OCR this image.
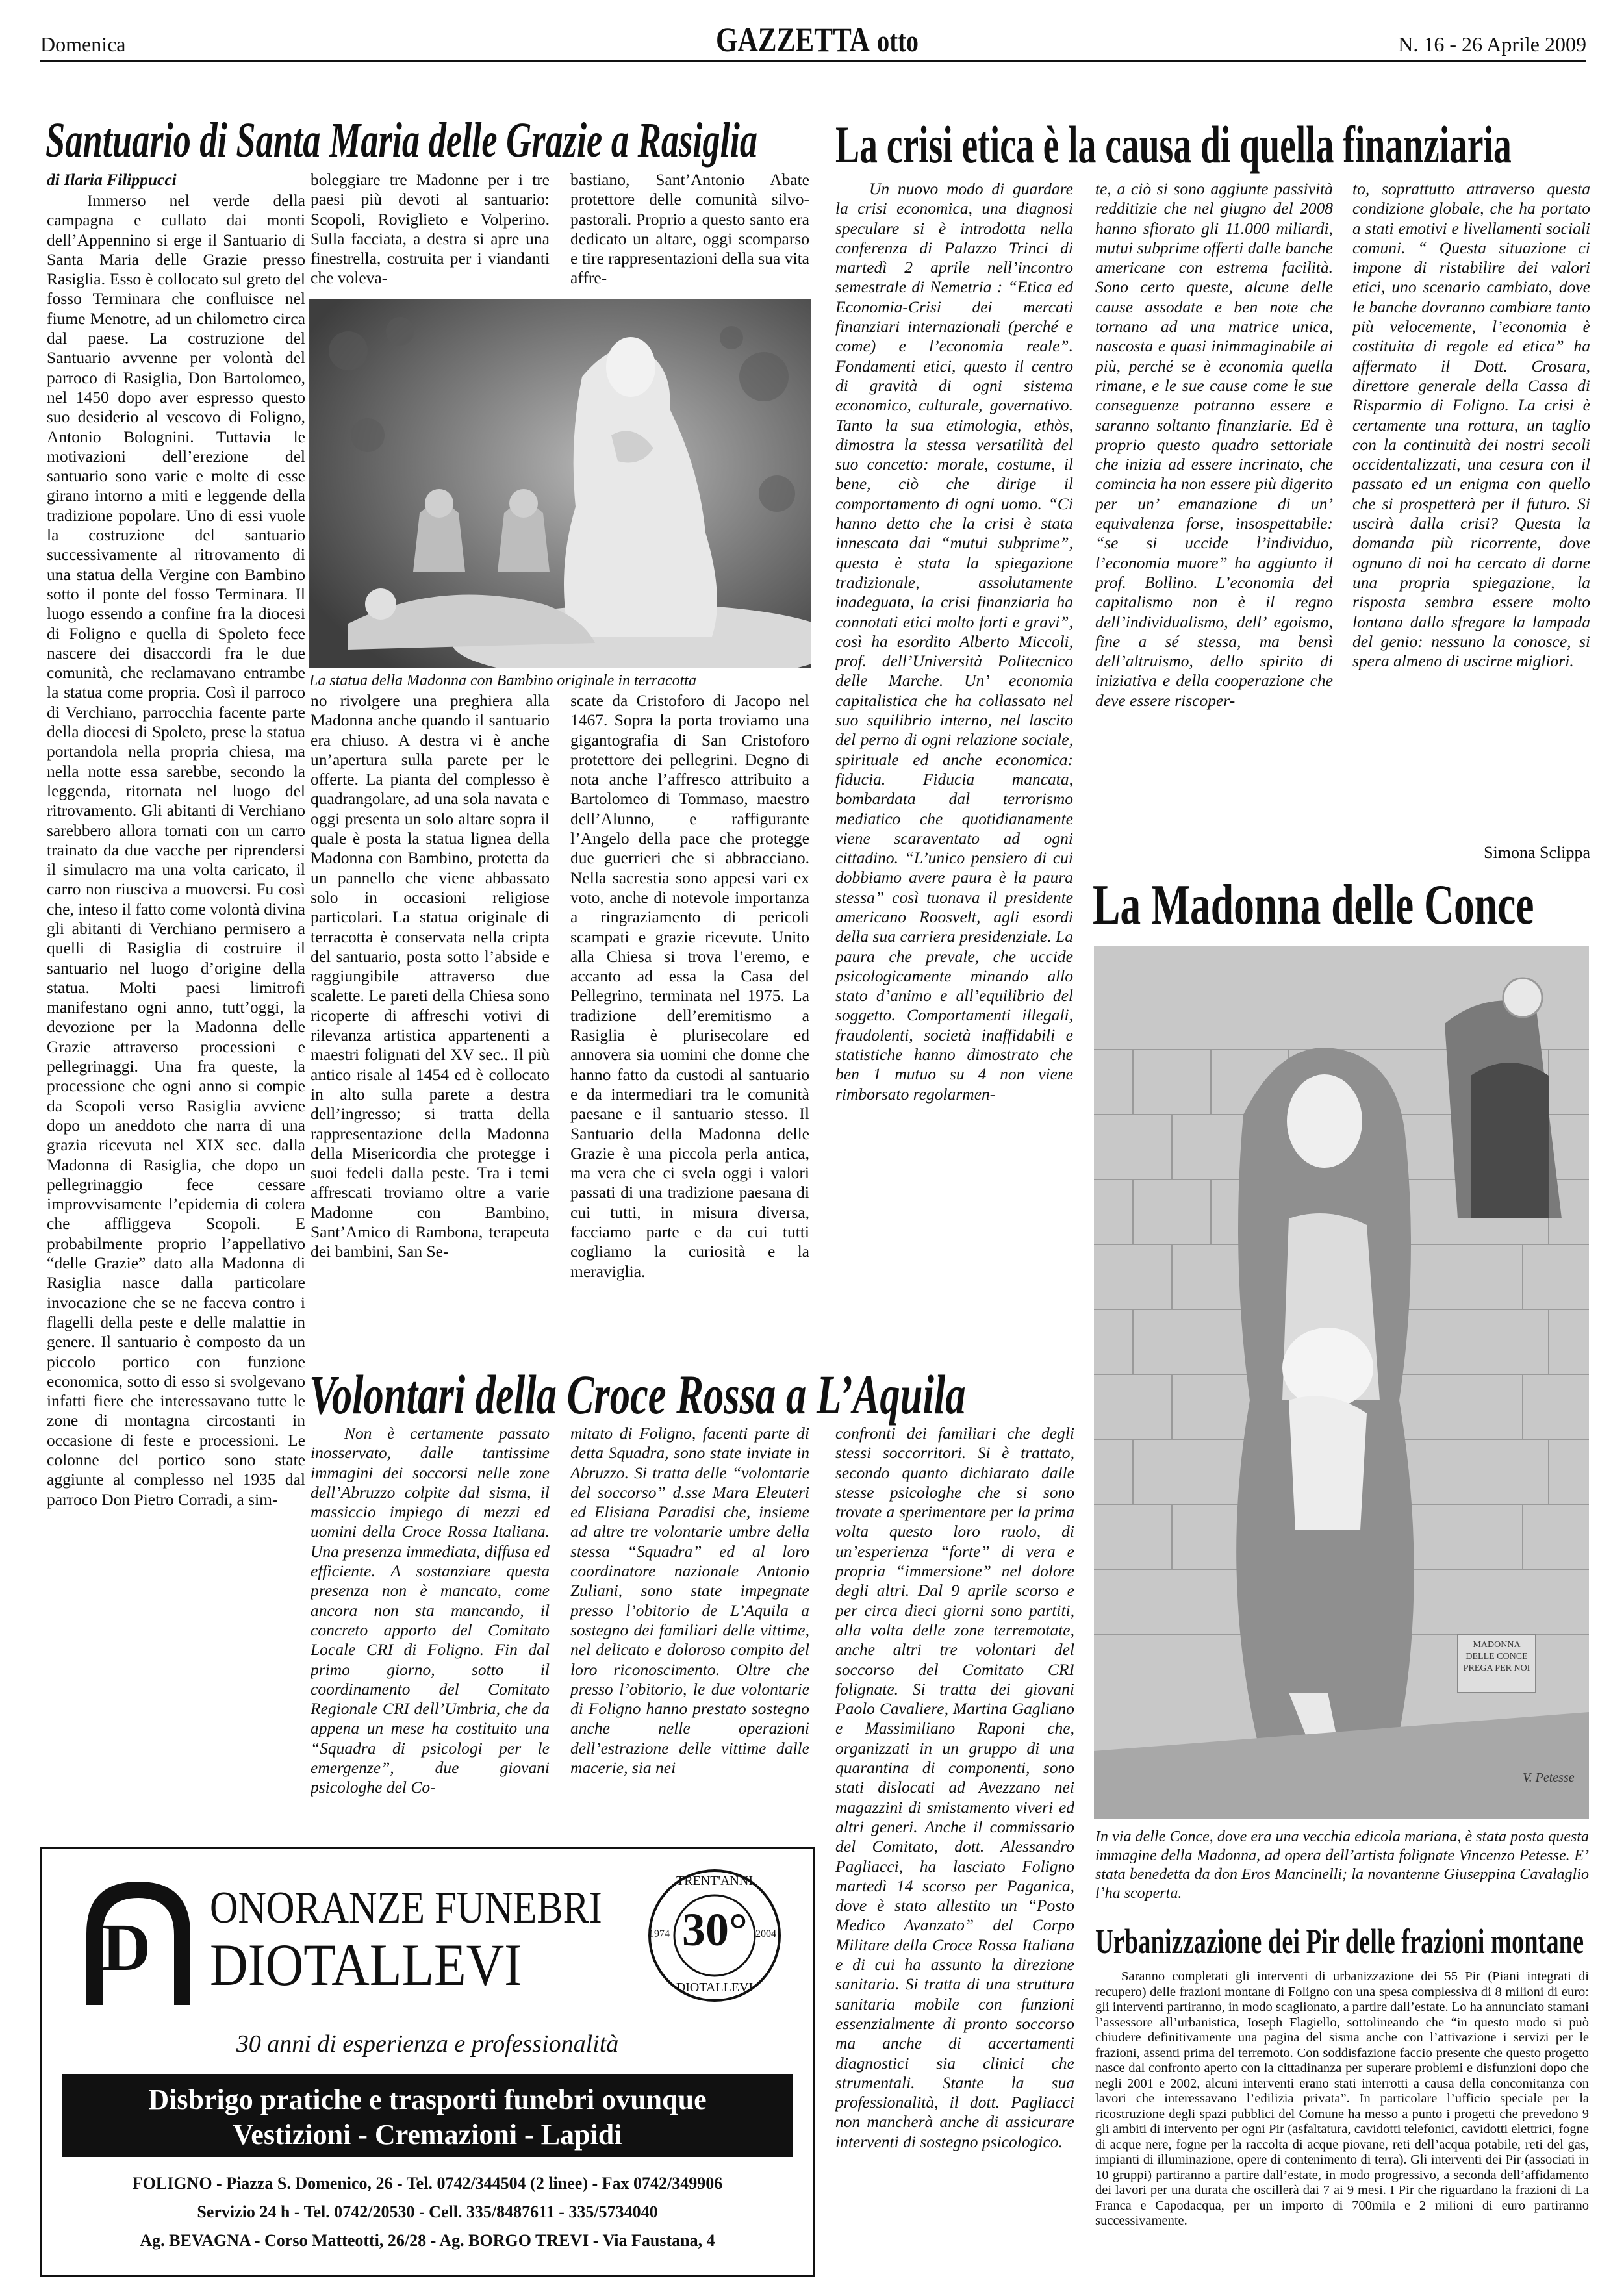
Domenica	GAZZETTA otto	N. 16 - 26 Aprile 2009
Santuario di Santa Maria delle Grazie a Rasiglia
di Ilaria Filippucci
Immerso nel verde della campagna e cullato dai monti dell’Appennino si erge il Santuario di Santa Maria delle Grazie presso Rasiglia. Esso è collocato sul greto del fosso Terminara che confluisce nel fiume Menotre, ad un chilometro circa dal paese. La costruzione del Santuario avvenne per volontà del parroco di Rasiglia, Don Bartolomeo, nel 1450 dopo aver espresso questo suo desiderio al vescovo di Foligno, Antonio Bolognini. Tuttavia le motivazioni dell’erezione del santuario sono varie e molte di esse girano intorno a miti e leggende della tradizione popolare. Uno di essi vuole la costruzione del santuario successivamente al ritrovamento di una statua della Vergine con Bambino sotto il ponte del fosso Terminara. Il luogo essendo a confine fra la diocesi di Foligno e quella di Spoleto fece nascere dei disaccordi fra le due comunità, che reclamavano entrambe la statua come propria. Così il parroco di Verchiano, parrocchia facente parte della diocesi di Spoleto, prese la statua portandola nella propria chiesa, ma nella notte essa sarebbe, secondo la leggenda, ritornata nel luogo del ritrovamento. Gli abitanti di Verchiano sarebbero allora tornati con un carro trainato da due vacche per riprendersi il simulacro ma una volta caricato, il carro non riusciva a muoversi. Fu così che, inteso il fatto come volontà divina gli abitanti di Verchiano permisero a quelli di Rasiglia di costruire il santuario nel luogo d’origine della statua. Molti paesi limitrofi manifestano ogni anno, tutt’oggi, la devozione per la Madonna delle Grazie attraverso processioni e pellegrinaggi. Una fra queste, la processione che ogni anno si compie da Scopoli verso Rasiglia avviene dopo un aneddoto che narra di una grazia ricevuta nel XIX sec. dalla Madonna di Rasiglia, che dopo un pellegrinaggio fece cessare improvvisamente l’epidemia di colera che affliggeva Scopoli. E probabilmente proprio l’appellativo “delle Grazie” dato alla Madonna di Rasiglia nasce dalla particolare invocazione che se ne faceva contro i flagelli della peste e delle malattie in genere. Il santuario è composto da un piccolo portico con funzione economica, sotto di esso si svolgevano infatti fiere che interessavano tutte le zone di montagna circostanti in occasione di feste e processioni. Le colonne del portico sono state aggiunte al complesso nel 1935 dal parroco Don Pietro Corradi, a sim-
boleggiare tre Madonne per i tre paesi più devoti al santuario: Scopoli, Roviglieto e Volperino. Sulla facciata, a destra si apre una finestrella, costruita per i viandanti che voleva-
bastiano, Sant’Antonio Abate protettore delle comunità silvo-pastorali. Proprio a questo santo era dedicato un altare, oggi scomparso e tire rappresentazioni della sua vita affre-
La statua della Madonna con Bambino originale in terracotta
no rivolgere una preghiera alla Madonna anche quando il santuario era chiuso. A destra vi è anche un’apertura sulla parete per le offerte. La pianta del complesso è quadrangolare, ad una sola navata e oggi presenta un solo altare sopra il quale è posta la statua lignea della Madonna con Bambino, protetta da un pannello che viene abbassato solo in occasioni religiose particolari. La statua originale di terracotta è conservata nella cripta del santuario, posta sotto l’abside e raggiungibile attraverso due scalette. Le pareti della Chiesa sono ricoperte di affreschi votivi di rilevanza artistica appartenenti a maestri folignati del XV sec.. Il più antico risale al 1454 ed è collocato in alto sulla parete a destra dell’ingresso; si tratta della rappresentazione della Madonna della Misericordia che protegge i suoi fedeli dalla peste. Tra i temi affrescati troviamo oltre a varie Madonne con Bambino, Sant’Amico di Rambona, terapeuta dei bambini, San Se-
scate da Cristoforo di Jacopo nel 1467. Sopra la porta troviamo una gigantografia di San Cristoforo protettore dei pellegrini. Degno di nota anche l’affresco attribuito a Bartolomeo di Tommaso, maestro dell’Alunno, e raffigurante l’Angelo della pace che protegge due guerrieri che si abbracciano. Nella sacrestia sono appesi vari ex voto, anche di notevole importanza a ringraziamento di pericoli scampati e grazie ricevute. Unito alla Chiesa si trova l’eremo, e accanto ad essa la Casa del Pellegrino, terminata nel 1975. La tradizione dell’eremitismo a Rasiglia è plurisecolare ed annovera sia uomini che donne che hanno fatto da custodi al santuario e da intermediari tra le comunità paesane e il santuario stesso. Il Santuario della Madonna delle Grazie è una piccola perla antica, ma vera che ci svela oggi i valori passati di una tradizione paesana di cui tutti, in misura diversa, facciamo parte e da cui tutti cogliamo la curiosità e la meraviglia.
La crisi etica è la causa di quella finanziaria
Un nuovo modo di guardare la crisi economica, una diagnosi speculare si è introdotta nella conferenza di Palazzo Trinci di martedì 2 aprile nell’incontro semestrale di Nemetria : “Etica ed Economia-Crisi dei mercati finanziari internazionali (perché e come) e l’economia reale”. Fondamenti etici, questo il centro di gravità di ogni sistema economico, culturale, governativo. Tanto la sua etimologia, ethòs, dimostra la stessa versatilità del suo concetto: morale, costume, il bene, ciò che dirige il comportamento di ogni uomo. “Ci hanno detto che la crisi è stata innescata dai “mutui subprime”, questa è stata la spiegazione tradizionale, assolutamente inadeguata, la crisi finanziaria ha connotati etici molto forti e gravi”, così ha esordito Alberto Miccoli, prof. dell’Università Politecnico delle Marche. Un’ economia capitalistica che ha collassato nel suo squilibrio interno, nel lascito del perno di ogni relazione sociale, spirituale ed anche economica: fiducia. Fiducia mancata, bombardata dal terrorismo mediatico che quotidianamente viene scaraventato ad ogni cittadino. “L’unico pensiero di cui dobbiamo avere paura è la paura stessa” così tuonava il presidente americano Roosvelt, agli esordi della sua carriera presidenziale. La paura che prevale, che uccide psicologicamente minando allo stato d’animo e all’equilibrio del soggetto. Comportamenti illegali, fraudolenti, società inaffidabili e statistiche hanno dimostrato che ben 1 mutuo su 4 non viene rimborsato regolarmen-
te, a ciò si sono aggiunte passività redditizie che nel giugno del 2008 hanno sfiorato gli 11.000 miliardi, mutui subprime offerti dalle banche americane con estrema facilità. Sono certo queste, alcune delle cause assodate e ben note che tornano ad una matrice unica, nascosta e quasi inimmaginabile ai più, perché se è economia quella rimane, e le sue cause come le sue conseguenze potranno essere e saranno soltanto finanziarie. Ed è proprio questo quadro settoriale che inizia ad essere incrinato, che comincia ha non essere più digerito per un’ emanazione di un’ equivalenza forse, insospettabile: “se si uccide l’individuo, l’economia muore” ha aggiunto il prof. Bollino. L’economia del capitalismo non è il regno dell’individualismo, dell’ egoismo, fine a sé stessa, ma bensì dell’altruismo, dello spirito di iniziativa e della cooperazione che deve essere riscoper-
to, soprattutto attraverso questa condizione globale, che ha portato a stati emotivi e livellamenti sociali comuni. “ Questa situazione ci impone di ristabilire dei valori etici, uno scenario cambiato, dove le banche dovranno cambiare tanto più velocemente, l’economia è costituita di regole ed etica” ha affermato il Dott. Crosara, direttore generale della Cassa di Risparmio di Foligno. La crisi è certamente una rottura, un taglio con la continuità dei nostri secoli occidentalizzati, una cesura con il passato ed un enigma con quello che si prospetterà per il futuro. Si uscirà dalla crisi? Questa la domanda più ricorrente, dove ognuno di noi ha cercato di darne una propria spiegazione, la risposta sembra essere molto lontana dallo sfregare la lampada del genio: nessuno la conosce, si spera almeno di uscirne migliori.
Simona Sclippa
La Madonna delle Conce
MADONNA DELLE CONCE PREGA PER NOI
V. Petesse
In via delle Conce, dove era una vecchia edicola mariana, è stata posta questa immagine della Madonna, ad opera dell’artista folignate Vincenzo Petesse. E’ stata benedetta da don Eros Mancinelli; la novantenne Giuseppina Cavalaglio l’ha scoperta.
Volontari della Croce Rossa a L’Aquila
Non è certamente passato inosservato, dalle tantissime immagini dei soccorsi nelle zone dell’Abruzzo colpite dal sisma, il massiccio impiego di mezzi ed uomini della Croce Rossa Italiana. Una presenza immediata, diffusa ed efficiente. A sostanziare questa presenza non è mancato, come ancora non sta mancando, il concreto apporto del Comitato Locale CRI di Foligno. Fin dal primo giorno, sotto il coordinamento del Comitato Regionale CRI dell’Umbria, che da appena un mese ha costituito una “Squadra di psicologi per le emergenze”, due giovani psicologhe del Co-
mitato di Foligno, facenti parte di detta Squadra, sono state inviate in Abruzzo. Si tratta delle “volontarie del soccorso” d.sse Mara Eleuteri ed Elisiana Paradisi che, insieme ad altre tre volontarie umbre della stessa “Squadra” ed al loro coordinatore nazionale Antonio Zuliani, sono state impegnate presso l’obitorio de L’Aquila a sostegno dei familiari delle vittime, nel delicato e doloroso compito del loro riconoscimento. Oltre che presso l’obitorio, le due volontarie di Foligno hanno prestato sostegno anche nelle operazioni dell’estrazione delle vittime dalle macerie, sia nei
confronti dei familiari che degli stessi soccorritori. Si è trattato, secondo quanto dichiarato dalle stesse psicologhe che si sono trovate a sperimentare per la prima volta questo loro ruolo, di un’esperienza “forte” di vera e propria “immersione” nel dolore degli altri. Dal 9 aprile scorso e per circa dieci giorni sono partiti, alla volta delle zone terremotate, anche altri tre volontari del soccorso del Comitato CRI folignate. Si tratta dei giovani Paolo Cavaliere, Martina Gagliano e Massimiliano Raponi che, organizzati in un gruppo di una quarantina di componenti, sono stati dislocati ad Avezzano nei magazzini di smistamento viveri ed altri generi. Anche il commissario del Comitato, dott. Alessandro Pagliacci, ha lasciato Foligno martedì 14 scorso per Paganica, dove è stato allestito un “Posto Medico Avanzato” del Corpo Militare della Croce Rossa Italiana e di cui ha assunto la direzione sanitaria. Si tratta di una struttura sanitaria mobile con funzioni essenzialmente di pronto soccorso ma anche di accertamenti diagnostici sia clinici che strumentali. Stante la sua professionalità, il dott. Pagliacci non mancherà anche di assicurare interventi di sostegno psicologico.
Urbanizzazione dei Pir delle frazioni montane
Saranno completati gli interventi di urbanizzazione dei 55 Pir (Piani integrati di recupero) delle frazioni montane di Foligno con una spesa complessiva di 8 milioni di euro: gli interventi partiranno, in modo scaglionato, a partire dall’estate. Lo ha annunciato stamani l’assessore all’urbanistica, Joseph Flagiello, sottolineando che “in questo modo si può chiudere definitivamente una pagina del sisma anche con l’attivazione i servizi per le frazioni, assenti prima del terremoto. Con soddisfazione faccio presente che questo progetto nasce dal confronto aperto con la cittadinanza per superare problemi e disfunzioni dopo che negli 2001 e 2002, alcuni interventi erano stati interrotti a causa della concomitanza con lavori che interessavano l’edilizia privata”. In particolare l’ufficio speciale per la ricostruzione degli spazi pubblici del Comune ha messo a punto i progetti che prevedono 9 gli ambiti di intervento per ogni Pir (asfaltatura, cavidotti telefonici, cavidotti elettrici, fogne di acque nere, fogne per la raccolta di acque piovane, reti dell’acqua potabile, reti del gas, impianti di illuminazione, opere di contenimento di terra). Gli interventi dei Pir (associati in 10 gruppi) partiranno a partire dall’estate, in modo progressivo, a seconda dell’affidamento dei lavori per una durata che oscillerà dai 7 ai 9 mesi. I Pir che riguardano la frazioni di La Franca e Capodacqua, per un importo di 700mila e 2 milioni di euro partiranno successivamente.
D
ONORANZE FUNEBRI
DIOTALLEVI
30°
TRENT'ANNI
1974	2004
DIOTALLEVI
30 anni di esperienza e professionalità
Disbrigo pratiche e trasporti funebri ovunque
Vestizioni - Cremazioni - Lapidi
FOLIGNO - Piazza S. Domenico, 26 - Tel. 0742/344504 (2 linee) - Fax 0742/349906
Servizio 24 h - Tel. 0742/20530 - Cell. 335/8487611 - 335/5734040
Ag. BEVAGNA - Corso Matteotti, 26/28 - Ag. BORGO TREVI - Via Faustana, 4
